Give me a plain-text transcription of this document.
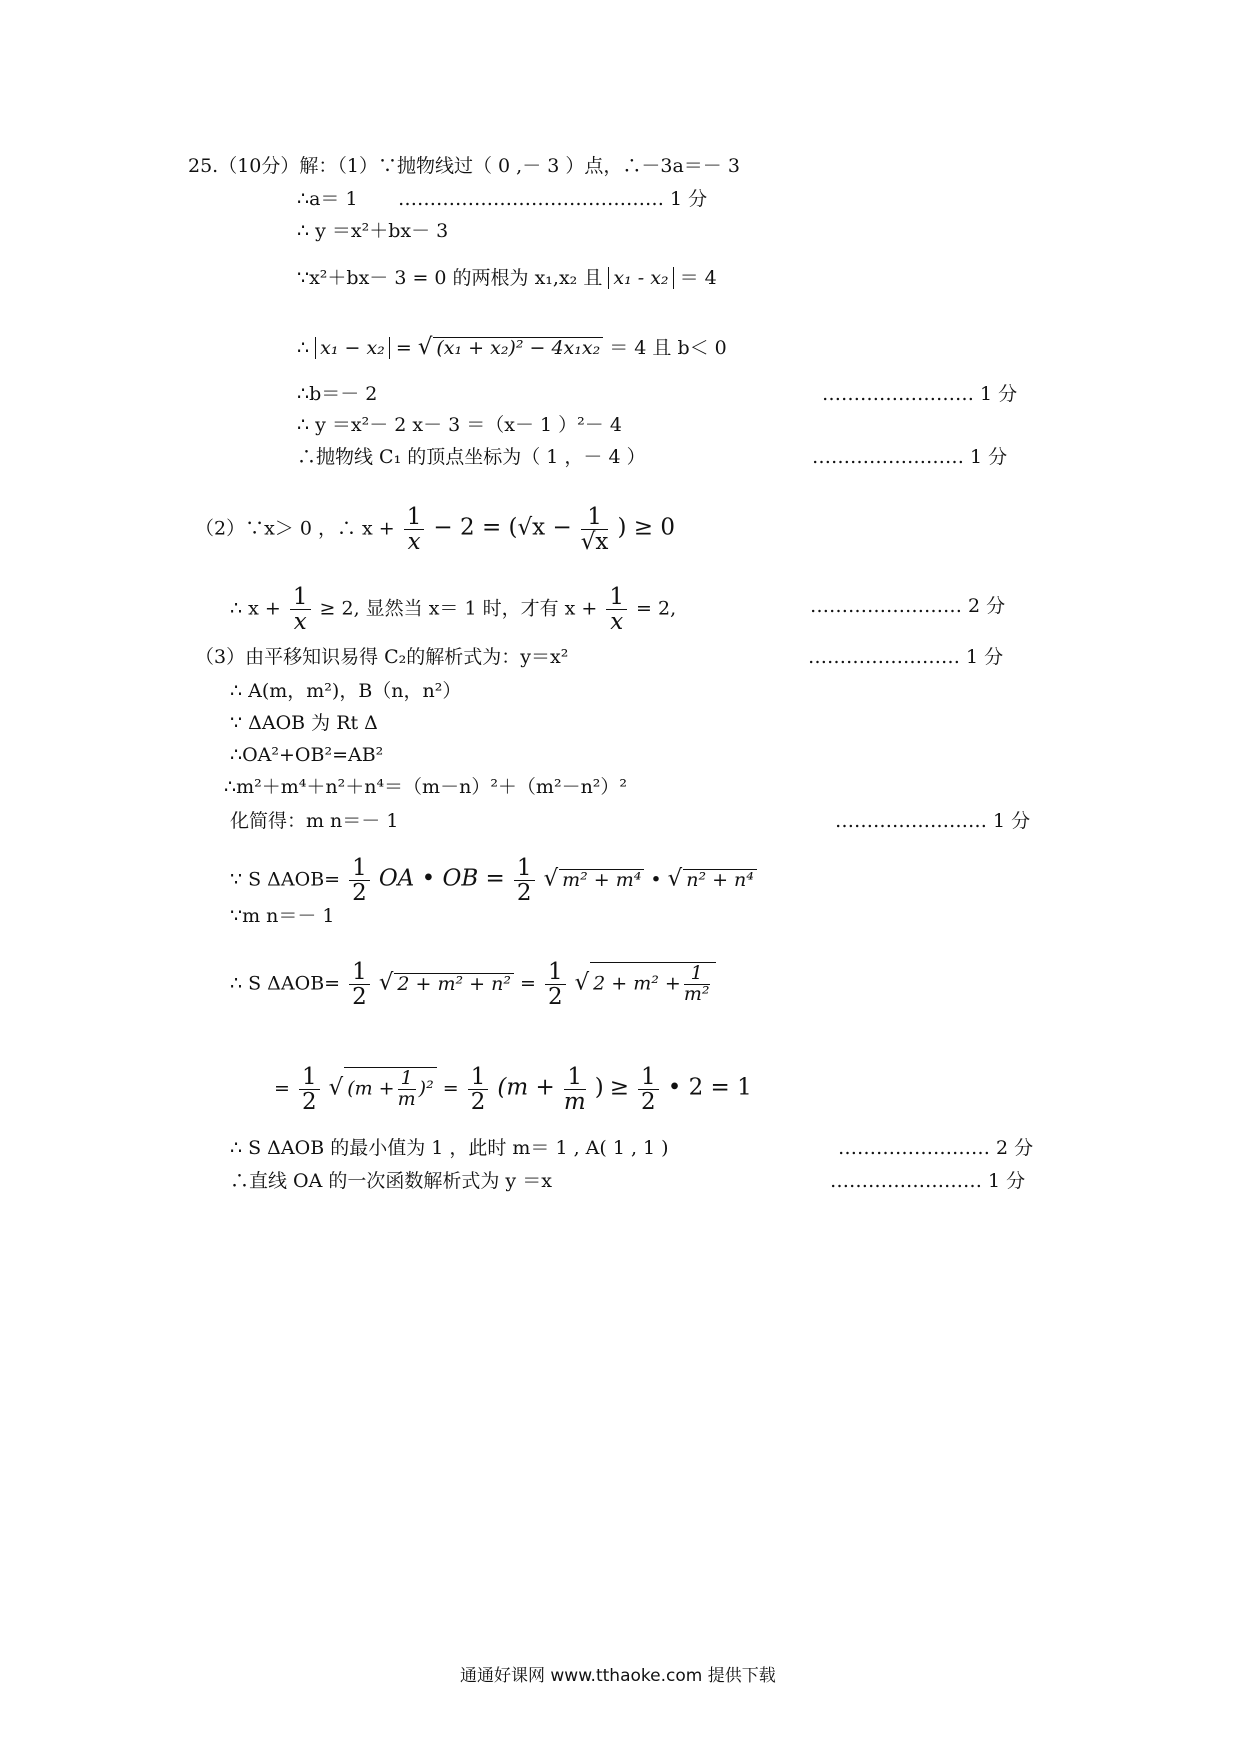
25.（10分）解：（1）∵抛物线过（ 0 ,－ 3 ）点，∴－3a＝－ 3
∴a＝ 1 …………………………………… 1 分
∴ y ＝x²＋bx－ 3
∵x²＋bx－ 3 = 0 的两根为 x₁,x₂ 且 x₁ - x₂ ＝ 4
∴ x₁ − x₂ = √ (x₁ + x₂)² − 4x₁x₂ ＝ 4 且 b＜ 0
∴b＝－ 2	…………………… 1 分
∴ y ＝x²－ 2 x－ 3 ＝（x－ 1 ）²－ 4
∴抛物线 C₁ 的顶点坐标为（ 1 ，－ 4 ）	…………………… 1 分
（2）∵x＞ 0 ，∴ $x + \frac{1}{x} - 2 = (√x - \frac{1}{√x}$ ) ≥ 0
∴ $x + \frac{1}{x} \ge 2$, 显然当 x＝ 1 时，才有 $x + \frac{1}{x} = 2$,	…………………… 2 分
（3）由平移知识易得 C₂的解析式为：y＝x²	…………………… 1 分
∴ A(m，m²)，B（n，n²）
∵ ΔAOB 为 Rt Δ
∴OA²+OB²=AB²
∴m²＋m⁴＋n²＋n⁴＝（m－n）²＋（m²－n²）²
化简得：m n＝－ 1	…………………… 1 分
∵ S $\Delta AOB= \frac{1}{2}$ OA • OB = $\frac{1}{2}$ √ m² + m⁴ • √ n² + n⁴
∵m n＝－ 1
∴ S $\Delta AOB= \frac{1}{2}$ √ $2 + m^2 + n^2 = \frac{1}{2}$ √ $2 + m^2 + \frac{1}{\text{m²}}$
= $\frac{1}{2}$ √ $(m + \frac{1}{m} )^2 = \frac{1}{2} (m + \frac{1}{m}$ ) ≥ $\frac{1}{2}$ • 2 = 1
∴ S ΔAOB 的最小值为 1 ，此时 m＝ 1 , A( 1 , 1 )	…………………… 2 分
∴直线 OA 的一次函数解析式为 y ＝x	…………………… 1 分
通通好课网 www.tthaoke.com 提供下载
